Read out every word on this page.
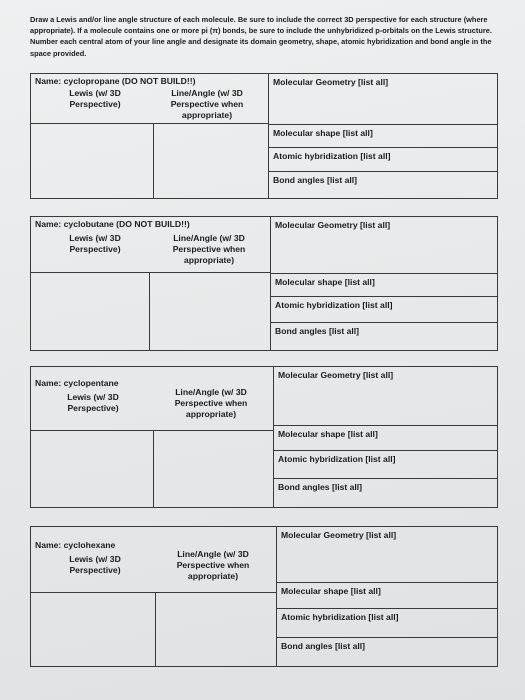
Draw a Lewis and/or line angle structure of each molecule. Be sure to include the correct 3D perspective for each structure (where appropriate). If a molecule contains one or more pi (π) bonds, be sure to include the unhybridized p-orbitals on the Lewis structure. Number each central atom of your line angle and designate its domain geometry, shape, atomic hybridization and bond angle in the space provided.
Name: cyclopropane (DO NOT BUILD!!)
Lewis (w/ 3D Perspective)
Line/Angle (w/ 3D Perspective when appropriate)

Molecular Geometry [list all]
Molecular shape [list all]
Atomic hybridization [list all]
Bond angles [list all]

Name: cyclobutane (DO NOT BUILD!!)
Lewis (w/ 3D Perspective)
Line/Angle (w/ 3D Perspective when appropriate)

Molecular Geometry [list all]
Molecular shape [list all]
Atomic hybridization [list all]
Bond angles [list all]

Name: cyclopentane
Lewis (w/ 3D Perspective)
Line/Angle (w/ 3D Perspective when appropriate)

Molecular Geometry [list all]
Molecular shape [list all]
Atomic hybridization [list all]
Bond angles [list all]

Name: cyclohexane
Lewis (w/ 3D Perspective)
Line/Angle (w/ 3D Perspective when appropriate)

Molecular Geometry [list all]
Molecular shape [list all]
Atomic hybridization [list all]
Bond angles [list all]
